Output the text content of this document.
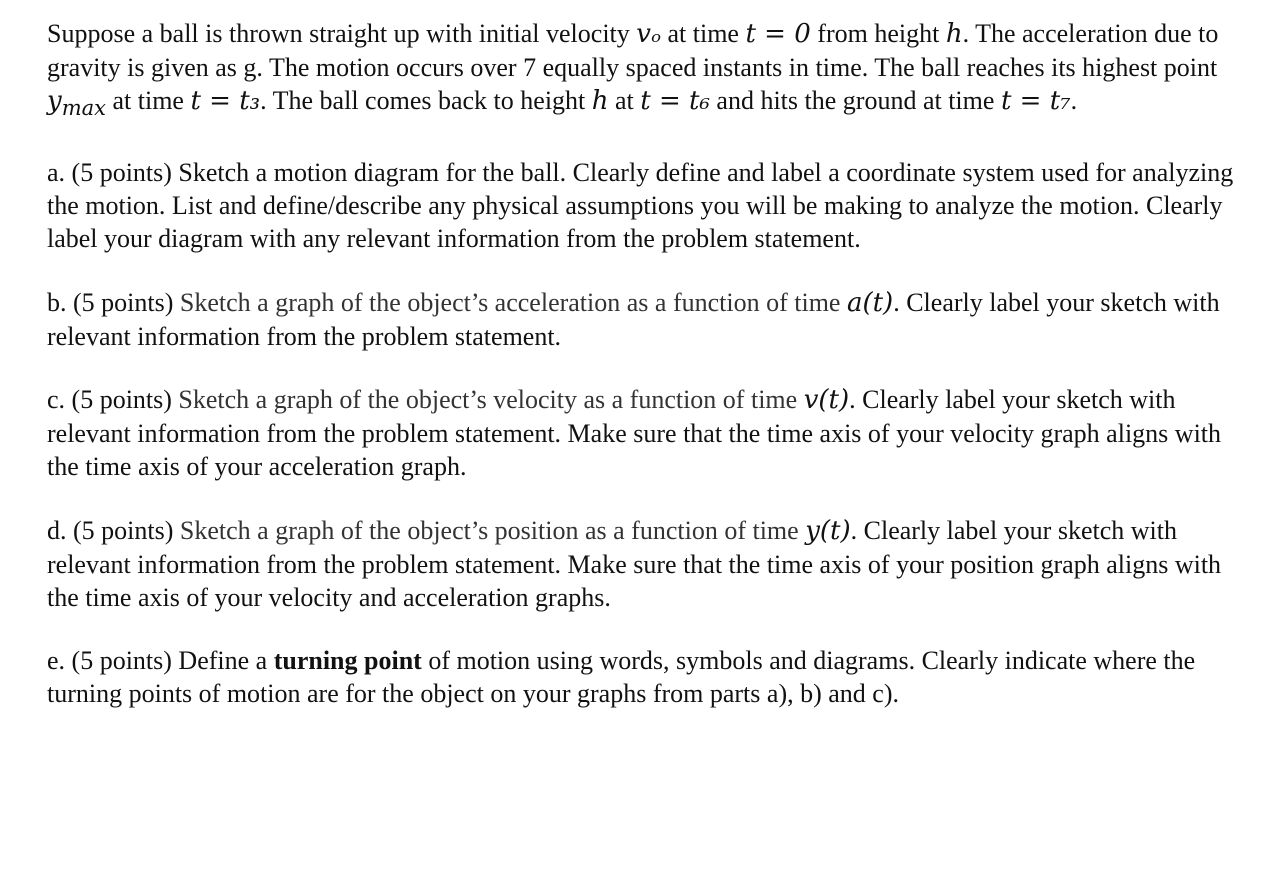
Suppose a ball is thrown straight up with initial velocity vₒ at time t = 0 from height h. The acceleration due to gravity is given as g. The motion occurs over 7 equally spaced instants in time. The ball reaches its highest point $y_{max}$ at time t = t₃. The ball comes back to height h at t = t₆ and hits the ground at time t = t₇.

a. (5 points) Sketch a motion diagram for the ball. Clearly define and label a coordinate system used for analyzing the motion. List and define/describe any physical assumptions you will be making to analyze the motion. Clearly label your diagram with any relevant information from the problem statement.

b. (5 points) Sketch a graph of the object’s acceleration as a function of time a(t). Clearly label your sketch with relevant information from the problem statement.

c. (5 points) Sketch a graph of the object’s velocity as a function of time v(t). Clearly label your sketch with relevant information from the problem statement. Make sure that the time axis of your velocity graph aligns with the time axis of your acceleration graph.

d. (5 points) Sketch a graph of the object’s position as a function of time y(t). Clearly label your sketch with relevant information from the problem statement. Make sure that the time axis of your position graph aligns with the time axis of your velocity and acceleration graphs.

e. (5 points) Define a turning point of motion using words, symbols and diagrams. Clearly indicate where the turning points of motion are for the object on your graphs from parts a), b) and c).
